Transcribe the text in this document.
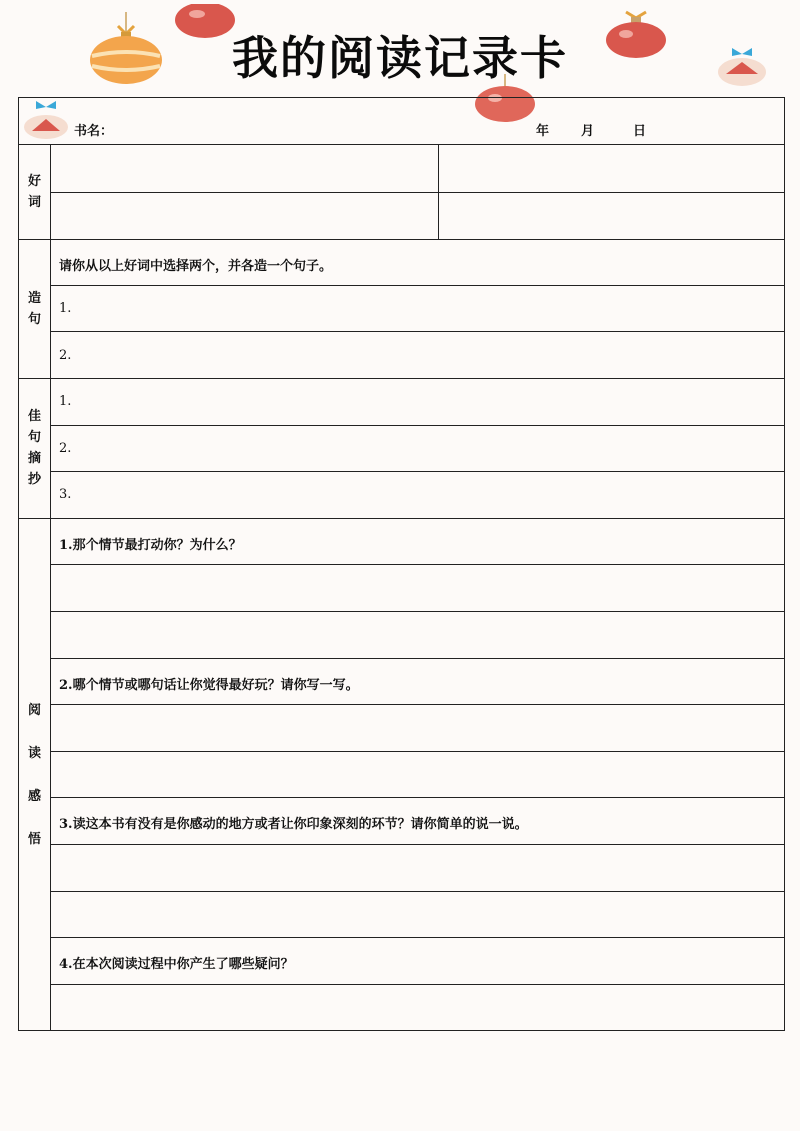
我的阅读记录卡
书名：	年 月	日
好
词
造
句
请你从以上好词中选择两个，并各造一个句子。
1.
2.
佳
句
摘
抄
1.
2.
3.
阅
读
感
悟
1.那个情节最打动你？为什么？
2.哪个情节或哪句话让你觉得最好玩？请你写一写。
3.读这本书有没有是你感动的地方或者让你印象深刻的环节？请你简单的说一说。
4.在本次阅读过程中你产生了哪些疑问？
